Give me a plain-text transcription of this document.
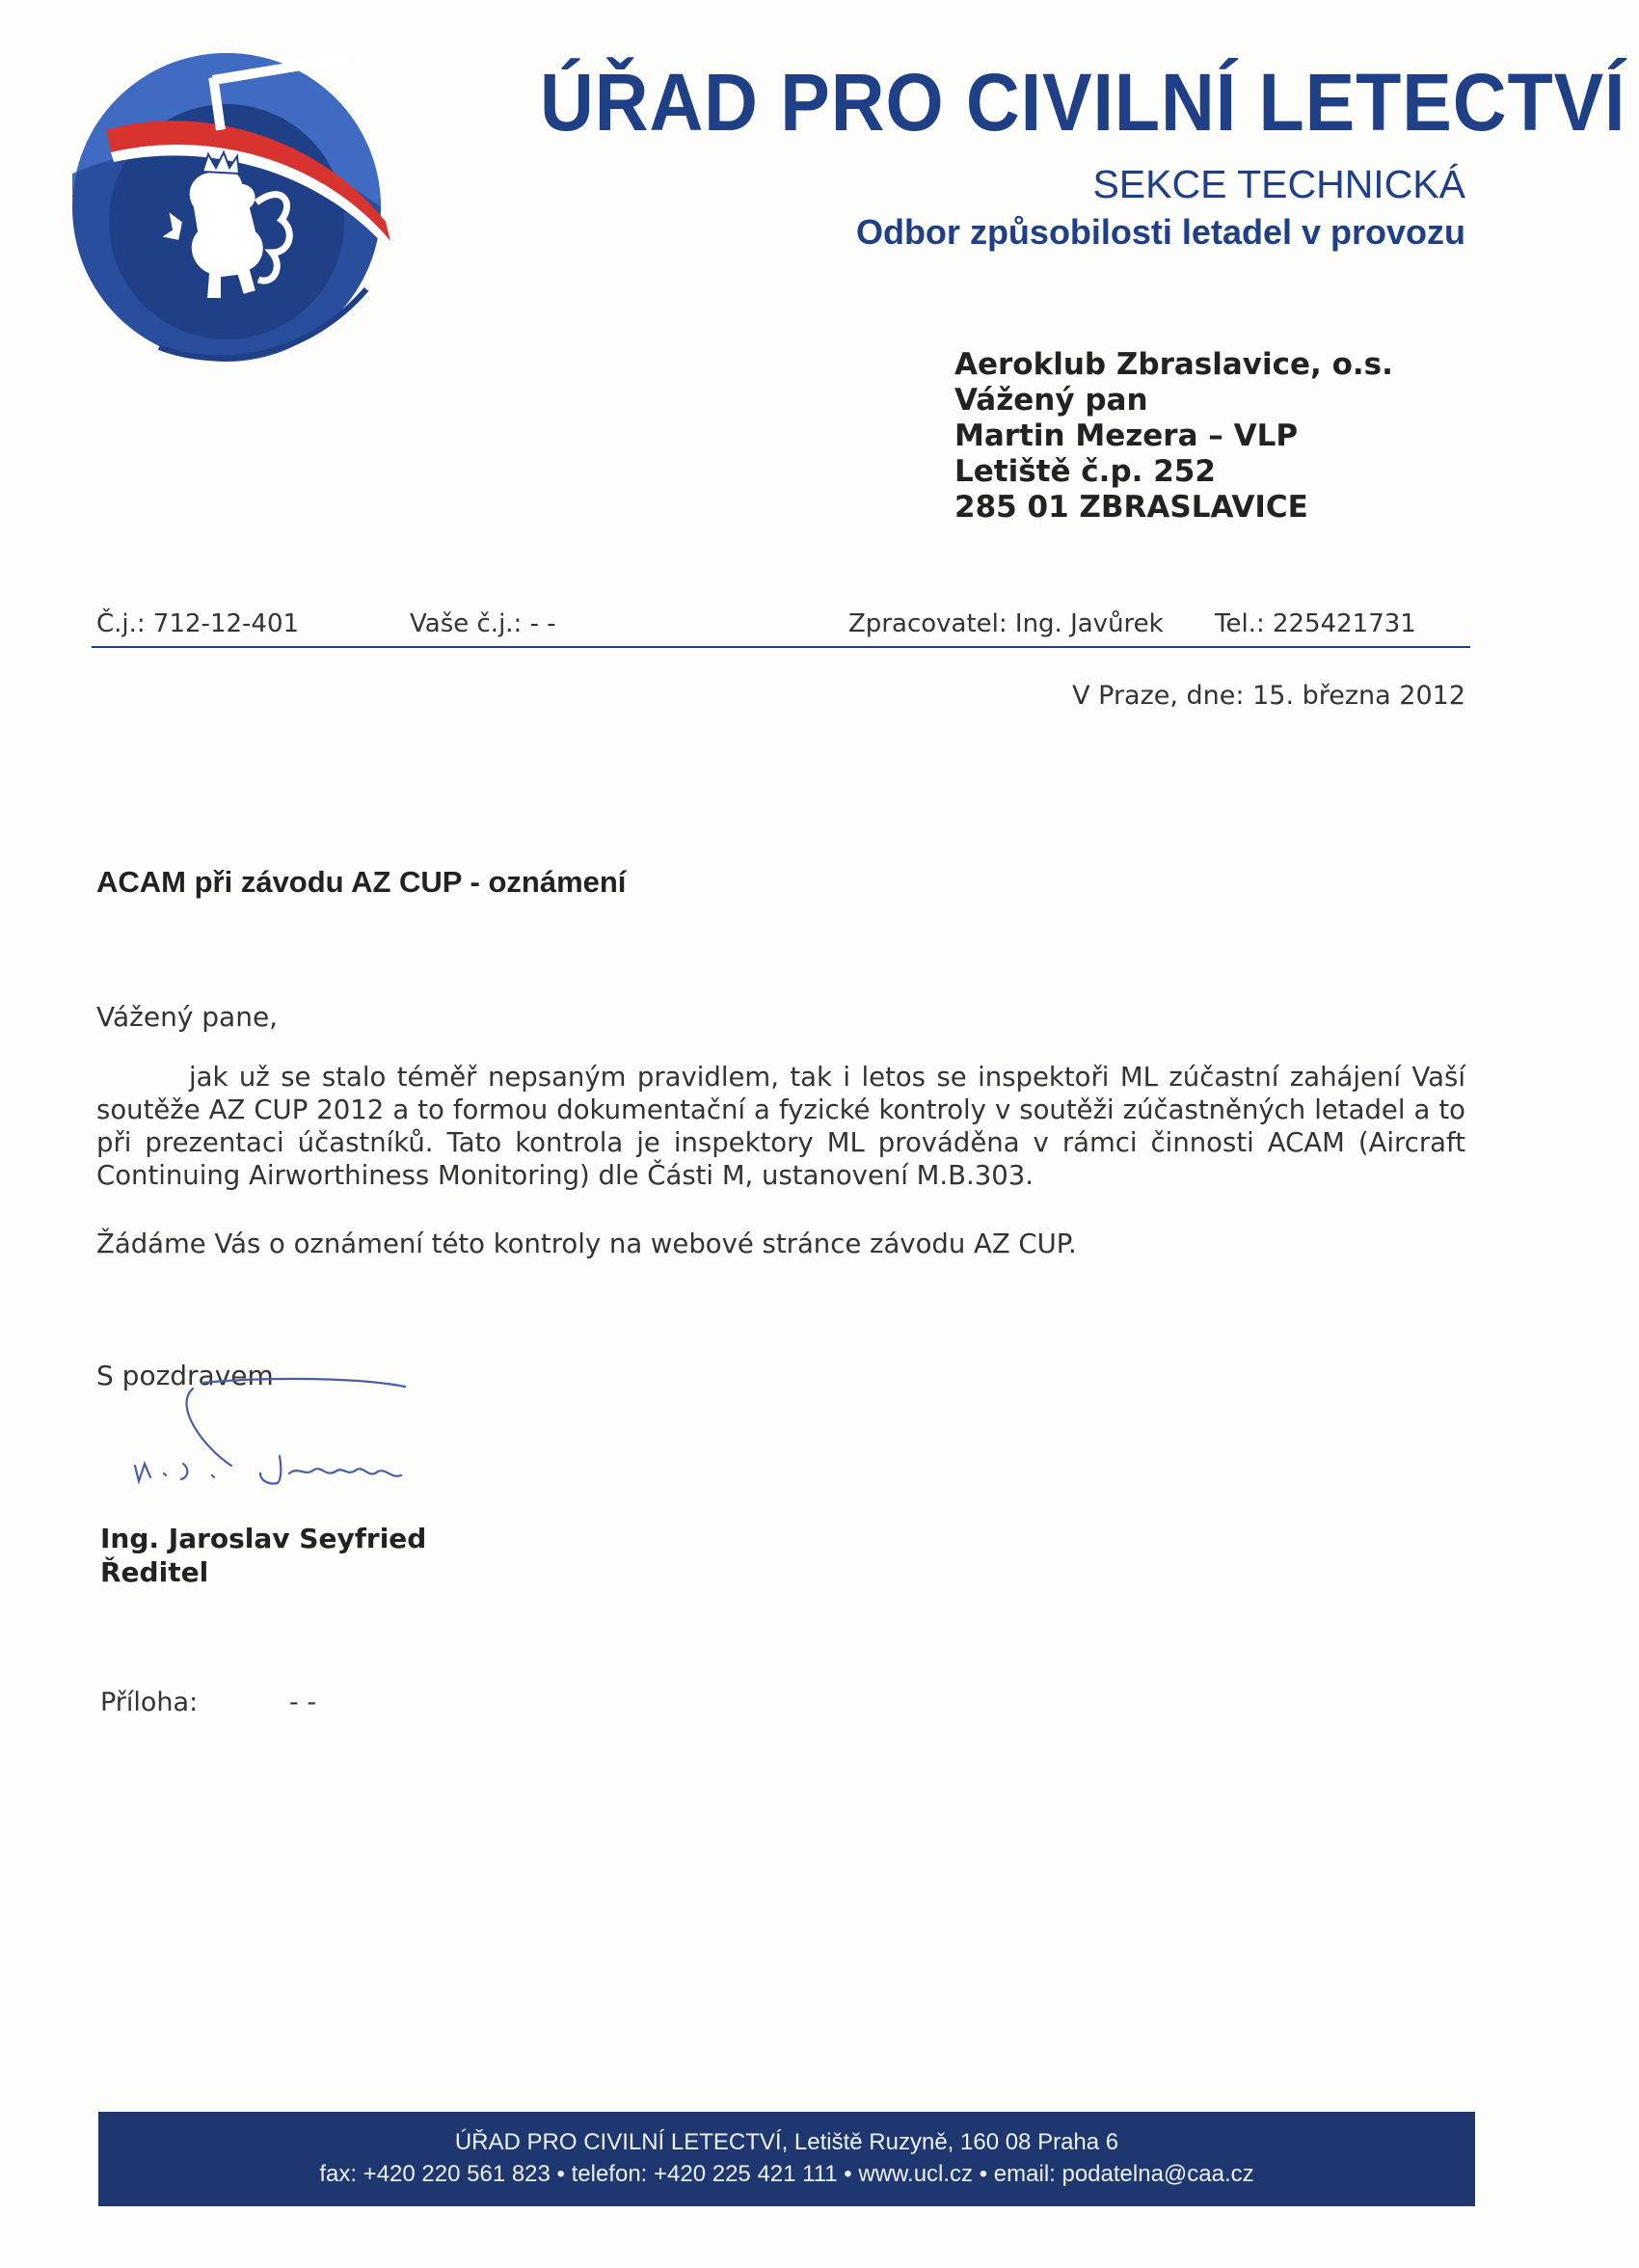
ÚŘAD PRO CIVILNÍ LETECTVÍ
SEKCE TECHNICKÁ
Odbor způsobilosti letadel v provozu
Aeroklub Zbraslavice, o.s.
Vážený pan
Martin Mezera – VLP
Letiště č.p. 252
285 01 ZBRASLAVICE
Č.j.: 712-12-401	Vaše č.j.: - -	Zpracovatel: Ing. Javůrek Tel.: 225421731
V Praze, dne: 15. března 2012
ACAM při závodu AZ CUP - oznámení
Vážený pane,
jak už se stalo téměř nepsaným pravidlem, tak i letos se inspektoři ML zúčastní zahájení Vaší soutěže AZ CUP 2012 a to formou dokumentační a fyzické kontroly v soutěži zúčastněných letadel a to při prezentaci účastníků. Tato kontrola je inspektory ML prováděna v rámci činnosti ACAM (Aircraft Continuing Airworthiness Monitoring) dle Části M, ustanovení M.B.303.
Žádáme Vás o oznámení této kontroly na webové stránce závodu AZ CUP.
S pozdravem
Ing. Jaroslav Seyfried
Ředitel
Příloha:	- -
ÚŘAD PRO CIVILNÍ LETECTVÍ, Letiště Ruzyně, 160 08 Praha 6
fax: +420 220 561 823 • telefon: +420 225 421 111 • www.ucl.cz • email: podatelna@caa.cz
